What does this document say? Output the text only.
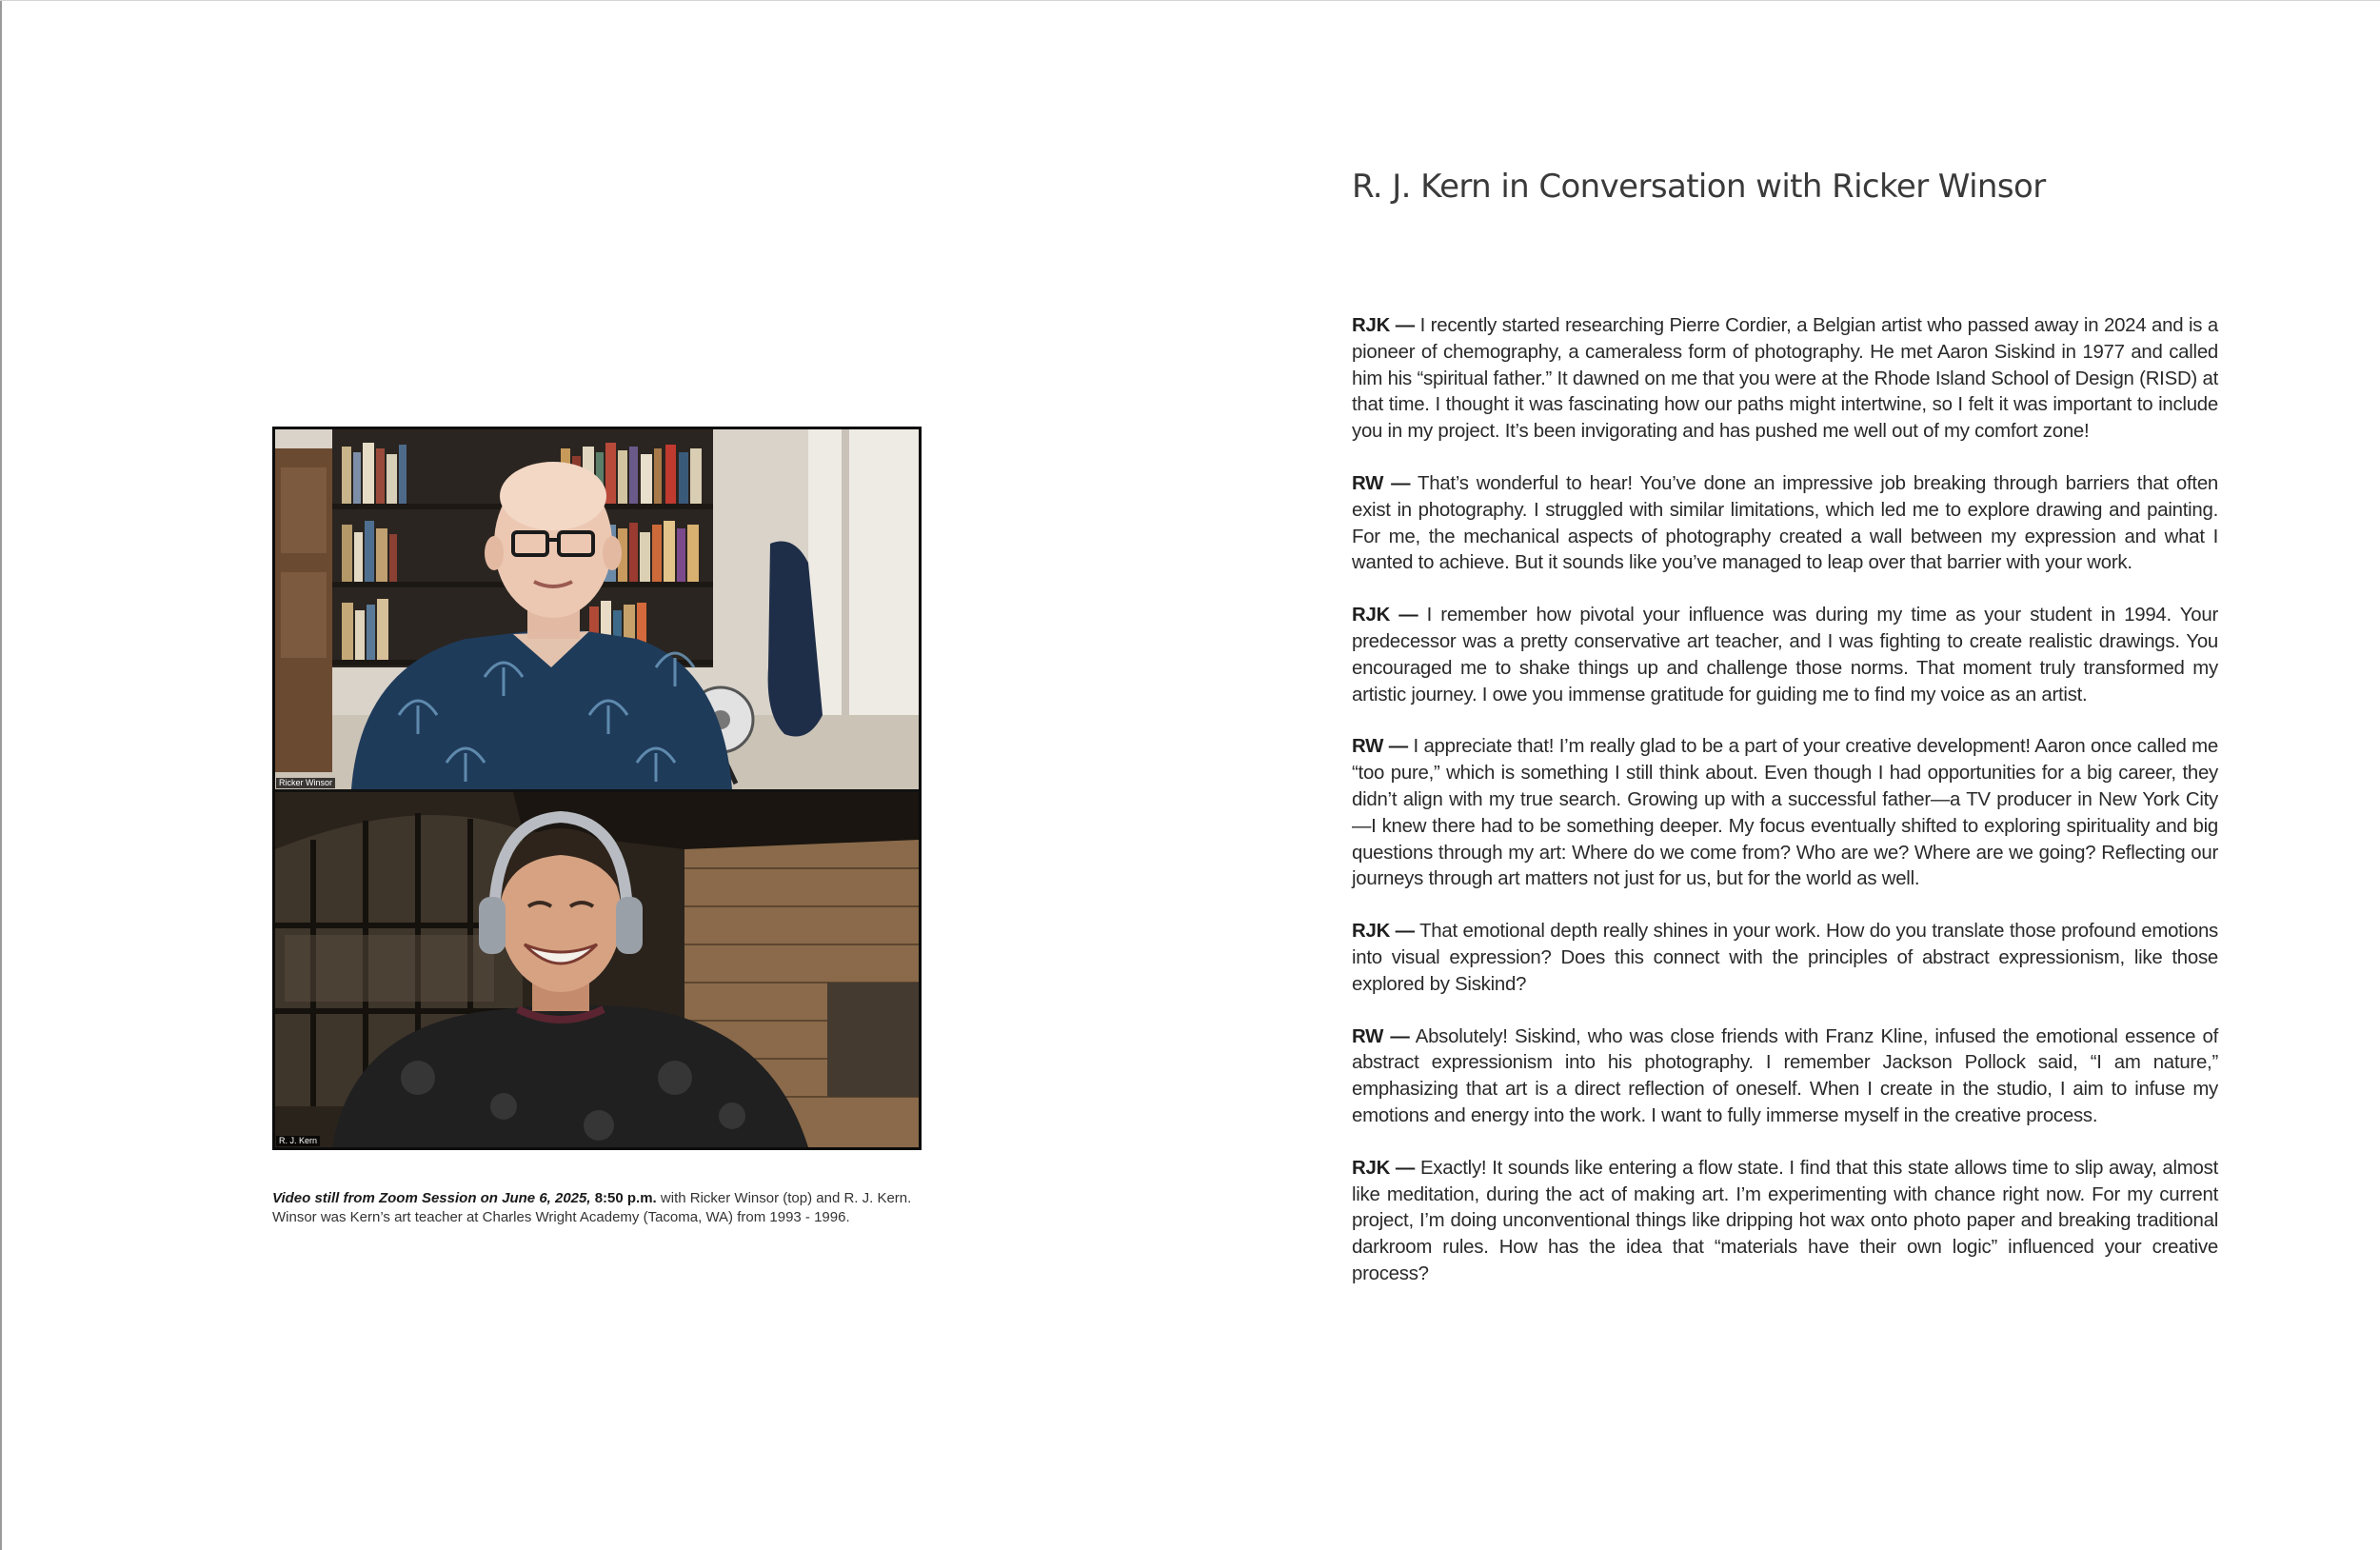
Ricker Winsor
R. J. Kern

Video still from Zoom Session on June 6, 2025, 8:50 p.m. with Ricker Winsor (top) and R. J. Kern.

Winsor was Kern’s art teacher at Charles Wright Academy (Tacoma, WA) from 1993 - 1996.

R. J. Kern in Conversation with Ricker Winsor

RJK — I recently started researching Pierre Cordier, a Belgian artist who passed away in 2024 and is a pioneer of chemography, a cameraless form of photography. He met Aaron Siskind in 1977 and called him his “spiritual father.” It dawned on me that you were at the Rhode Island School of Design (RISD) at that time. I thought it was fascinating how our paths might intertwine, so I felt it was important to include you in my project. It’s been invigorating and has pushed me well out of my comfort zone!

RW — That’s wonderful to hear! You’ve done an impressive job breaking through barriers that often exist in photography. I struggled with similar limitations, which led me to explore drawing and painting. For me, the mechanical aspects of photography created a wall between my expression and what I wanted to achieve. But it sounds like you’ve managed to leap over that barrier with your work.

RJK — I remember how pivotal your influence was during my time as your student in 1994. Your predecessor was a pretty conservative art teacher, and I was fighting to create realistic drawings. You encouraged me to shake things up and challenge those norms. That moment truly transformed my artistic journey. I owe you immense gratitude for guiding me to find my voice as an artist.

RW — I appreciate that! I’m really glad to be a part of your creative development! Aaron once called me “too pure,” which is something I still think about. Even though I had opportunities for a big career, they didn’t align with my true search. Growing up with a successful father—a TV producer in New York City—I knew there had to be something deeper. My focus eventually shifted to exploring spirituality and big questions through my art: Where do we come from? Who are we? Where are we going? Reflecting our journeys through art matters not just for us, but for the world as well.

RJK — That emotional depth really shines in your work. How do you translate those profound emotions into visual expression? Does this connect with the principles of abstract expressionism, like those explored by Siskind?

RW — Absolutely! Siskind, who was close friends with Franz Kline, infused the emotional essence of abstract expressionism into his photography. I remember Jackson Pollock said, “I am nature,” emphasizing that art is a direct reflection of oneself. When I create in the studio, I aim to infuse my emotions and energy into the work. I want to fully immerse myself in the creative process.

RJK — Exactly! It sounds like entering a flow state. I find that this state allows time to slip away, almost like meditation, during the act of making art. I’m experimenting with chance right now. For my current project, I’m doing unconventional things like dripping hot wax onto photo paper and breaking traditional darkroom rules. How has the idea that “materials have their own logic” influenced your creative process?
